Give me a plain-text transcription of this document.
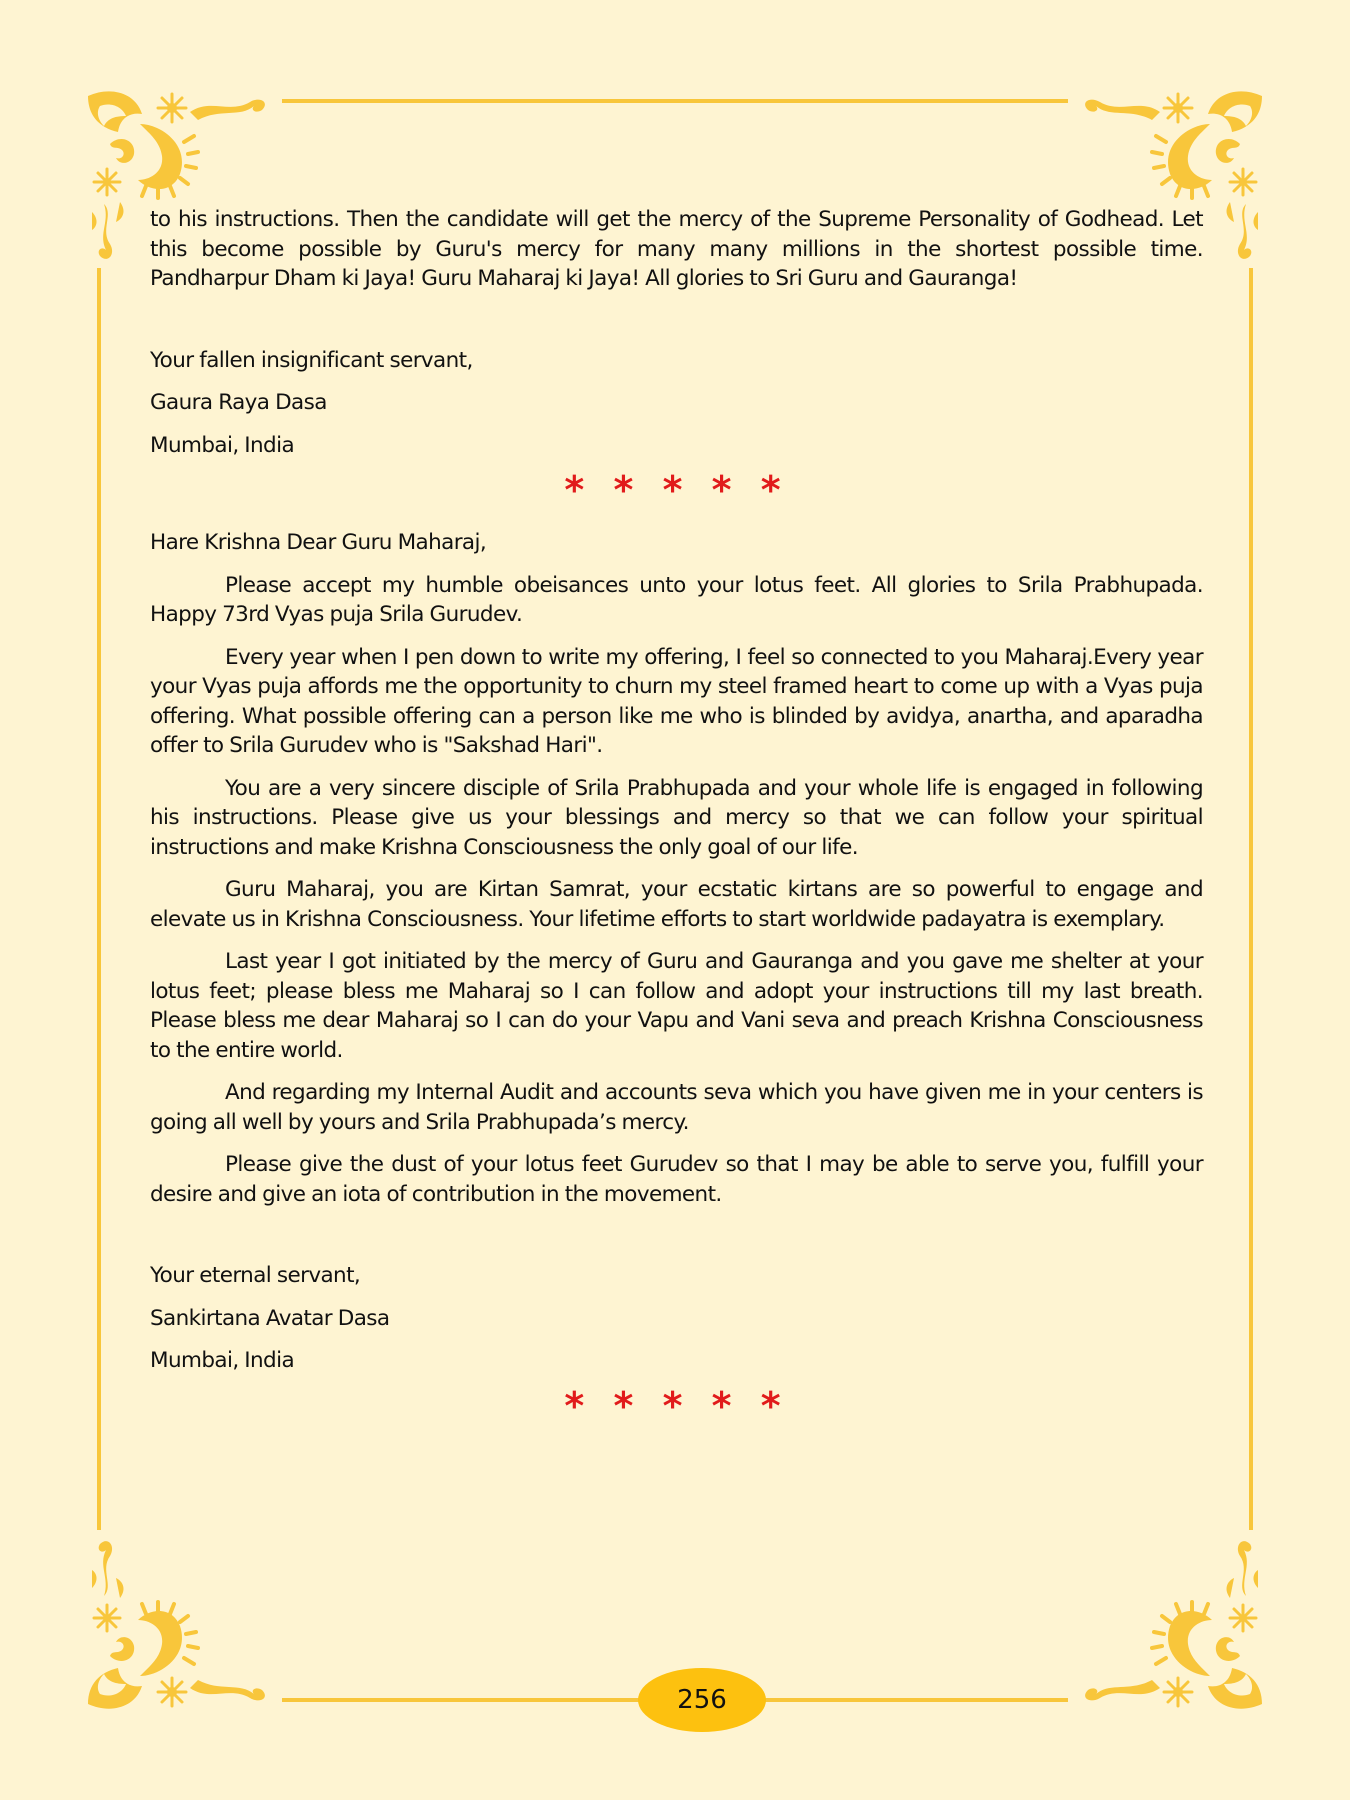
to his instructions. Then the candidate will get the mercy of the Supreme Personality of Godhead. Let this become possible by Guru's mercy for many many millions in the shortest possible time. Pandharpur Dham ki Jaya! Guru Maharaj ki Jaya! All glories to Sri Guru and Gauranga!

Your fallen insignificant servant,

Gaura Raya Dasa

Mumbai, India

* * * * *

Hare Krishna Dear Guru Maharaj,

Please accept my humble obeisances unto your lotus feet. All glories to Srila Prabhupada. Happy 73rd Vyas puja Srila Gurudev.

Every year when I pen down to write my offering, I feel so connected to you Maharaj.Every year your Vyas puja affords me the opportunity to churn my steel framed heart to come up with a Vyas puja offering. What possible offering can a person like me who is blinded by avidya, anartha, and aparadha offer to Srila Gurudev who is "Sakshad Hari".

You are a very sincere disciple of Srila Prabhupada and your whole life is engaged in following his instructions. Please give us your blessings and mercy so that we can follow your spiritual instructions and make Krishna Consciousness the only goal of our life.

Guru Maharaj, you are Kirtan Samrat, your ecstatic kirtans are so powerful to engage and elevate us in Krishna Consciousness. Your lifetime efforts to start worldwide padayatra is exemplary.

Last year I got initiated by the mercy of Guru and Gauranga and you gave me shelter at your lotus feet; please bless me Maharaj so I can follow and adopt your instructions till my last breath. Please bless me dear Maharaj so I can do your Vapu and Vani seva and preach Krishna Consciousness to the entire world.

And regarding my Internal Audit and accounts seva which you have given me in your centers is going all well by yours and Srila Prabhupada’s mercy.

Please give the dust of your lotus feet Gurudev so that I may be able to serve you, fulfill your desire and give an iota of contribution in the movement.

Your eternal servant,

Sankirtana Avatar Dasa

Mumbai, India

* * * * *
256
